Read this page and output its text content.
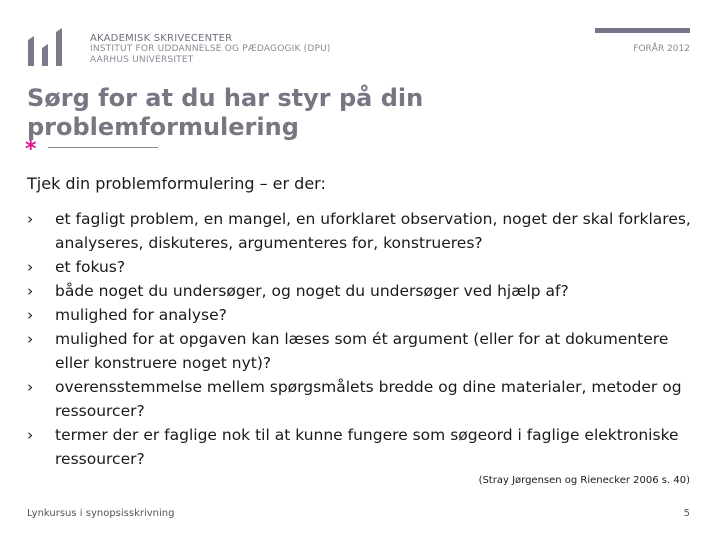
AKADEMISK SKRIVECENTER
INSTITUT FOR UDDANNELSE OG PÆDAGOGIK (DPU)
AARHUS UNIVERSITET
FORÅR 2012
Sørg for at du har styr på din
problemformulering
*
Tjek din problemformulering – er der:
› et fagligt problem, en mangel, en uforklaret observation, noget der skal forklares, analyseres, diskuteres, argumenteres for, konstrueres?
› et fokus?
› både noget du undersøger, og noget du undersøger ved hjælp af?
› mulighed for analyse?
› mulighed for at opgaven kan læses som ét argument (eller for at dokumentere eller konstruere noget nyt)?
› overensstemmelse mellem spørgsmålets bredde og dine materialer, metoder og ressourcer?
› termer der er faglige nok til at kunne fungere som søgeord i faglige elektroniske ressourcer?
(Stray Jørgensen og Rienecker 2006 s. 40)
Lynkursus i synopsisskrivning	5
